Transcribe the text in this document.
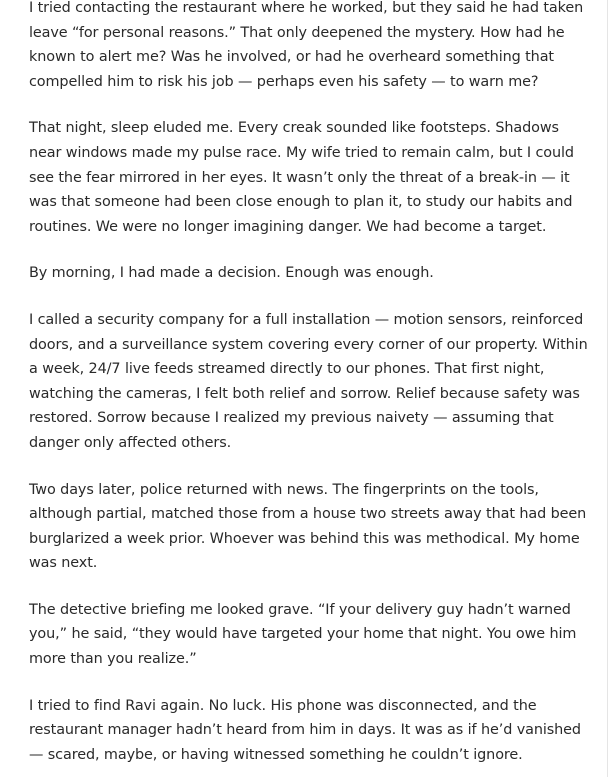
I tried contacting the restaurant where he worked, but they said he had taken leave “for personal reasons.” That only deepened the mystery. How had he known to alert me? Was he involved, or had he overheard something that compelled him to risk his job — perhaps even his safety — to warn me?

That night, sleep eluded me. Every creak sounded like footsteps. Shadows near windows made my pulse race. My wife tried to remain calm, but I could see the fear mirrored in her eyes. It wasn’t only the threat of a break-in — it was that someone had been close enough to plan it, to study our habits and routines. We were no longer imagining danger. We had become a target.

By morning, I had made a decision. Enough was enough.

I called a security company for a full installation — motion sensors, reinforced doors, and a surveillance system covering every corner of our property. Within a week, 24/7 live feeds streamed directly to our phones. That first night, watching the cameras, I felt both relief and sorrow. Relief because safety was restored. Sorrow because I realized my previous naivety — assuming that danger only affected others.

Two days later, police returned with news. The fingerprints on the tools, although partial, matched those from a house two streets away that had been burglarized a week prior. Whoever was behind this was methodical. My home was next.

The detective briefing me looked grave. “If your delivery guy hadn’t warned you,” he said, “they would have targeted your home that night. You owe him more than you realize.”

I tried to find Ravi again. No luck. His phone was disconnected, and the restaurant manager hadn’t heard from him in days. It was as if he’d vanished — scared, maybe, or having witnessed something he couldn’t ignore.
